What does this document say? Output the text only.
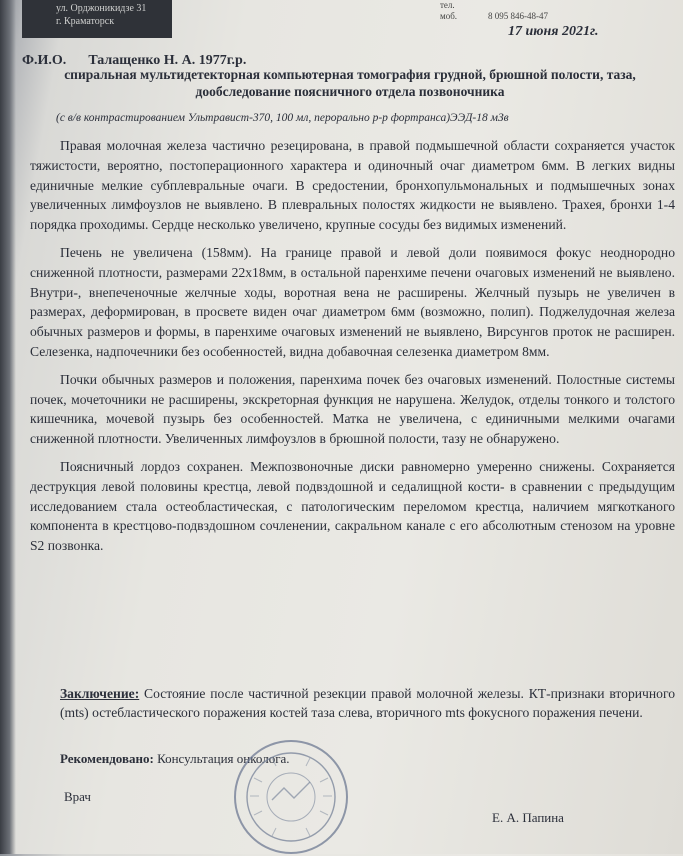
ул. Орджоникидзе 31
г. Краматорск
тел.
моб.	8 095 846-48-47
17 июня 2021г.
Ф.И.О. Талащенко Н. А. 1977г.р.
спиральная мультидетекторная компьютерная томография грудной, брюшной полости, таза, дообследование поясничного отдела позвоночника
(с в/в контрастированием Ультравист-370, 100 мл, перорально р-р фортранса)ЭЭД-18 мЗв

Правая молочная железа частично резецирована, в правой подмышечной области сохраняется участок тяжистости, вероятно, постоперационного характера и одиночный очаг диаметром 6мм. В легких видны единичные мелкие субплевральные очаги. В средостении, бронхопульмональных и подмышечных зонах увеличенных лимфоузлов не выявлено. В плевральных полостях жидкости не выявлено. Трахея, бронхи 1-4 порядка проходимы. Сердце несколько увеличено, крупные сосуды без видимых изменений.

Печень не увеличена (158мм). На границе правой и левой доли появимося фокус неоднородно сниженной плотности, размерами 22х18мм, в остальной паренхиме печени очаговых изменений не выявлено. Внутри-, внепеченочные желчные ходы, воротная вена не расширены. Желчный пузырь не увеличен в размерах, деформирован, в просвете виден очаг диаметром 6мм (возможно, полип). Поджелудочная железа обычных размеров и формы, в паренхиме очаговых изменений не выявлено, Вирсунгов проток не расширен. Селезенка, надпочечники без особенностей, видна добавочная селезенка диаметром 8мм.

Почки обычных размеров и положения, паренхима почек без очаговых изменений. Полостные системы почек, мочеточники не расширены, экскреторная функция не нарушена. Желудок, отделы тонкого и толстого кишечника, мочевой пузырь без особенностей. Матка не увеличена, с единичными мелкими очагами сниженной плотности. Увеличенных лимфоузлов в брюшной полости, тазу не обнаружено.

Поясничный лордоз сохранен. Межпозвоночные диски равномерно умеренно снижены. Сохраняется деструкция левой половины крестца, левой подвздошной и седалищной кости- в сравнении с предыдущим исследованием стала остеобластическая, с патологическим переломом крестца, наличием мягкотканого компонента в крестцово-подвздошном сочленении, сакральном канале с его абсолютным стенозом на уровне S2 позвонка.

Заключение: Состояние после частичной резекции правой молочной железы. КТ-признаки вторичного (mts) остебластического поражения костей таза слева, вторичного mts фокусного поражения печени.
Рекомендовано: Консультация онколога.
Врач
Е. А. Папина
